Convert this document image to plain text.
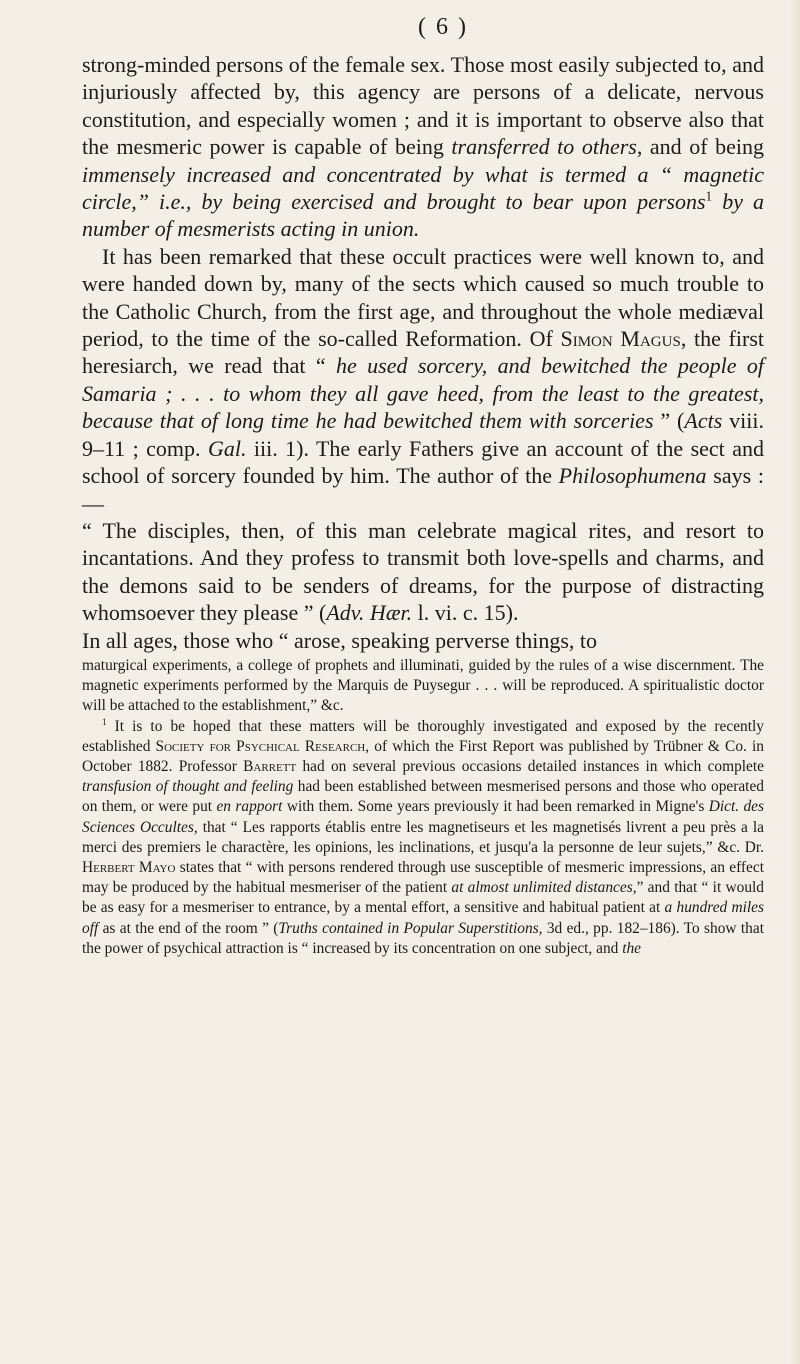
( 6 )

strong-minded persons of the female sex. Those most easily subjected to, and injuriously affected by, this agency are persons of a delicate, nervous constitution, and especially women ; and it is important to observe also that the mesmeric power is capable of being transferred to others, and of being immensely increased and concentrated by what is termed a “ magnetic circle,” i.e., by being exercised and brought to bear upon persons$^1$ by a number of mesmerists acting in union.

It has been remarked that these occult practices were well known to, and were handed down by, many of the sects which caused so much trouble to the Catholic Church, from the first age, and throughout the whole mediæval period, to the time of the so-called Reformation. Of Simon Magus, the first heresiarch, we read that “ he used sorcery, and bewitched the people of Samaria ; . . . to whom they all gave heed, from the least to the greatest, because that of long time he had bewitched them with sorceries ” (Acts viii. 9–11 ; comp. Gal. iii. 1). The early Fathers give an account of the sect and school of sorcery founded by him. The author of the Philosophumena says :—

“ The disciples, then, of this man celebrate magical rites, and resort to incantations. And they profess to transmit both love-spells and charms, and the demons said to be senders of dreams, for the purpose of distracting whomsoever they please ” (Adv. Hær. l. vi. c. 15).

In all ages, those who “ arose, speaking perverse things, to

maturgical experiments, a college of prophets and illuminati, guided by the rules of a wise discernment. The magnetic experiments performed by the Marquis de Puysegur . . . will be reproduced. A spiritualistic doctor will be attached to the establishment,” &c.

$^1$ It is to be hoped that these matters will be thoroughly investigated and exposed by the recently established Society for Psychical Research, of which the First Report was published by Trübner & Co. in October 1882. Professor Barrett had on several previous occasions detailed instances in which complete transfusion of thought and feeling had been established between mesmerised persons and those who operated on them, or were put en rapport with them. Some years previously it had been remarked in Migne's Dict. des Sciences Occultes, that “ Les rapports établis entre les magnetiseurs et les magnetisés livrent a peu près a la merci des premiers le charactère, les opinions, les inclinations, et jusqu'a la personne de leur sujets,” &c. Dr. Herbert Mayo states that “ with persons rendered through use susceptible of mesmeric impressions, an effect may be produced by the habitual mesmeriser of the patient at almost unlimited distances,” and that “ it would be as easy for a mesmeriser to entrance, by a mental effort, a sensitive and habitual patient at a hundred miles off as at the end of the room ” (Truths contained in Popular Superstitions, 3d ed., pp. 182–186). To show that the power of psychical attraction is “ increased by its concentration on one subject, and the
